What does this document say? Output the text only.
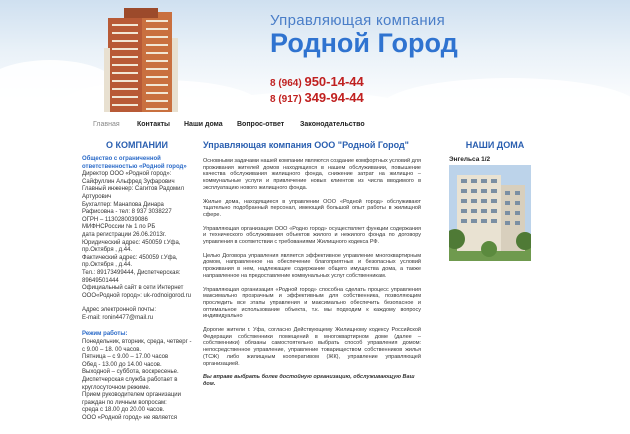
Управляющая компания
Родной Город
8 (964) 950-14-44
8 (917) 349-94-44
Главная Контакты Наши дома Вопрос-ответ Законодательство
О КОМПАНИИ
Общество с ограниченной ответственностью «Родной город»
Директор ООО «Родной город»: Сайфуллин Альфред Зуфарович
Главный инженер: Сагитов Радомил Артурович
Бухгалтер: Манапова Динара Рафисовна - тел: 8 937 3038227
ОГРН – 1130280039086
МИФНСРоссии № 1 по РБ
дата регистрации 26.06.2013г.
Юридический адрес: 450059 г.Уфа, пр.Октября , д.44.
Фактический адрес: 450059 г.Уфа, пр.Октября , д.44.
Тел.: 89173499444, Диспетчерская: 89649501444
Официальный сайт в сети Интернет ООО«Родной город»: uk-rodnoigorod.ru
Адрес электронной почты:
E-mail: ronin4477@mail.ru
Режим работы:
Понедельник, вторник, среда, четверг - с 9.00 – 18. 00 часов.
Пятница – с 9.00 – 17.00 часов
Обед - 13.00 до 14.00 часов.
Выходной – суббота, воскресенье.
Диспетчерская служба работает в круглосуточном режиме.
Прием руководителем организации граждан по личным вопросам:
среда с 18.00 до 20.00 часов.
ООО «Родной город» не является
Управляющая компания ООО "Родной Город"

Основными задачами нашей компании являются создание комфортных условий для проживания жителей домов находящихся в нашем обслуживании, повышение качества обслуживания жилищного фонда, снижение затрат на жилищно – коммунальные услуги и привлечение новых клиентов из числа вводимого в эксплуатацию нового жилищного фонда.

Жилые дома, находящиеся в управлении ООО «Родной город» обслуживают тщательно подобранный персонал, имеющий большой опыт работы в жилищной сфере.

Управляющая организация ООО «Родно город» осуществляет функции содержания и технического обслуживания объектов жилого и нежилого фонда по договору управления в соответствии с требованиями Жилищного кодекса РФ.

Целью Договора управления является эффективное управление многоквартирным домом, направленное на обеспечение благоприятных и безопасных условий проживания в нем, надлежащее содержание общего имущества дома, а также направленное на предоставление коммунальных услуг собственникам.

Управляющая организация «Родной город» способна сделать процесс управления максимально прозрачным и эффективным для собственника, позволяющим проследить все этапы управления и максимально обеспечить безопасное и оптимальное использование объекта, т.к. мы подходим к каждому вопросу индивидуально

Дорогие жители г. Уфа, согласно Действующему Жилищному кодексу Российской Федерации собственники помещений в многоквартирном доме (далее – собственники) обязаны самостоятельно выбрать способ управления домом: непосредственное управление, управление товариществом собственников жилья (ТСЖ) либо жилищным кооперативом (ЖК), управление управляющей организацией.

Вы вправе выбрать более достойную организацию, обслуживающую Ваш дом.
НАШИ ДОМА
Энгельса 1/2
